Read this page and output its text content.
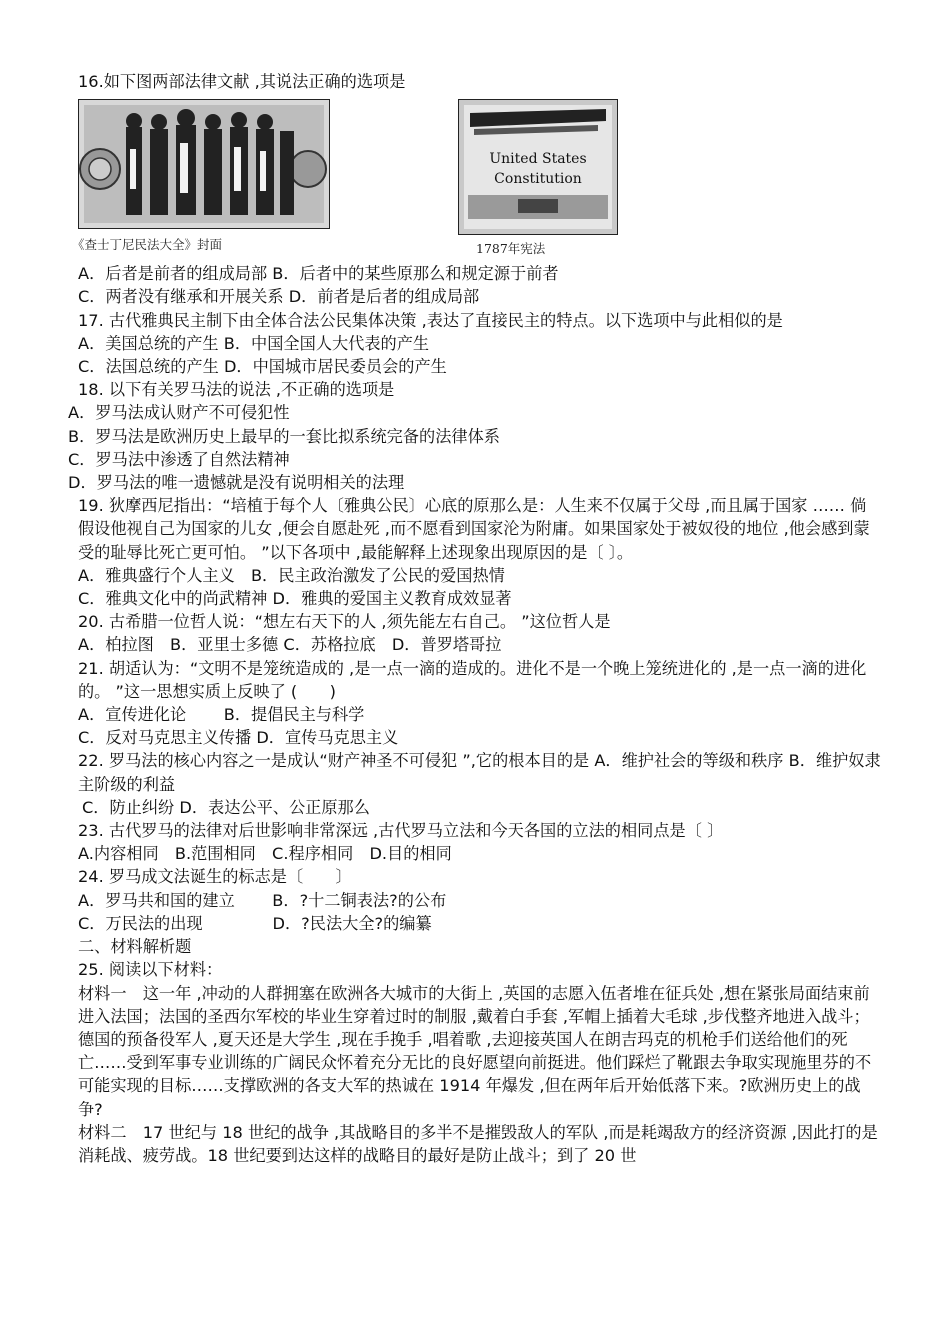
16.如下图两部法律文献 ,其说法正确的选项是

《查士丁尼民法大全》封面
United States
Constitution
1787年宪法

A．后者是前者的组成局部 B．后者中的某些原那么和规定源于前者

C．两者没有继承和开展关系 D．前者是后者的组成局部

17. 古代雅典民主制下由全体合法公民集体决策 ,表达了直接民主的特点。以下选项中与此相似的是

A．美国总统的产生 B．中国全国人大代表的产生

C．法国总统的产生 D．中国城市居民委员会的产生

18. 以下有关罗马法的说法 ,不正确的选项是

A．罗马法成认财产不可侵犯性

B．罗马法是欧洲历史上最早的一套比拟系统完备的法律体系

C．罗马法中渗透了自然法精神

D．罗马法的唯一遗憾就是没有说明相关的法理

19. 狄摩西尼指出：“培植于每个人〔雅典公民〕心底的原那么是：人生来不仅属于父母 ,而且属于国家 …… 倘假设他视自己为国家的儿女 ,便会自愿赴死 ,而不愿看到国家沦为附庸。如果国家处于被奴役的地位 ,他会感到蒙受的耻辱比死亡更可怕。 ”以下各项中 ,最能解释上述现象出现原因的是〔 〕。

A．雅典盛行个人主义　B．民主政治激发了公民的爱国热情

C．雅典文化中的尚武精神 D．雅典的爱国主义教育成效显著

20. 古希腊一位哲人说：“想左右天下的人 ,须先能左右自己。 ”这位哲人是

A．柏拉图　B．亚里士多德 C．苏格拉底　D．普罗塔哥拉

21. 胡适认为：“文明不是笼统造成的 ,是一点一滴的造成的。进化不是一个晚上笼统进化的 ,是一点一滴的进化的。 ”这一思想实质上反映了 (　　)

A．宣传进化论　　 B．提倡民主与科学

C．反对马克思主义传播 D．宣传马克思主义

22. 罗马法的核心内容之一是成认“财产神圣不可侵犯 ”,它的根本目的是 A．维护社会的等级和秩序 B．维护奴隶主阶级的利益

C．防止纠纷 D．表达公平、公正原那么

23. 古代罗马的法律对后世影响非常深远 ,古代罗马立法和今天各国的立法的相同点是〔 〕

A.内容相同　B.范围相同　C.程序相同　D.目的相同

24. 罗马成文法诞生的标志是〔　　〕

A．罗马共和国的建立　　 B．?十二铜表法?的公布

C．万民法的出现　　　　 D．?民法大全?的编纂

二、材料解析题

25. 阅读以下材料：

材料一　这一年 ,冲动的人群拥塞在欧洲各大城市的大街上 ,英国的志愿入伍者堆在征兵处 ,想在紧张局面结束前进入法国；法国的圣西尔军校的毕业生穿着过时的制服 ,戴着白手套 ,军帽上插着大毛球 ,步伐整齐地进入战斗；德国的预备役军人 ,夏天还是大学生 ,现在手挽手 ,唱着歌 ,去迎接英国人在朗吉玛克的机枪手们送给他们的死亡……受到军事专业训练的广阔民众怀着充分无比的良好愿望向前挺进。他们踩烂了靴跟去争取实现施里芬的不可能实现的目标……支撑欧洲的各支大军的热诚在 1914 年爆发 ,但在两年后开始低落下来。?欧洲历史上的战争?

材料二　17 世纪与 18 世纪的战争 ,其战略目的多半不是摧毁敌人的军队 ,而是耗竭敌方的经济资源 ,因此打的是消耗战、疲劳战。18 世纪要到达这样的战略目的最好是防止战斗；到了 20 世
